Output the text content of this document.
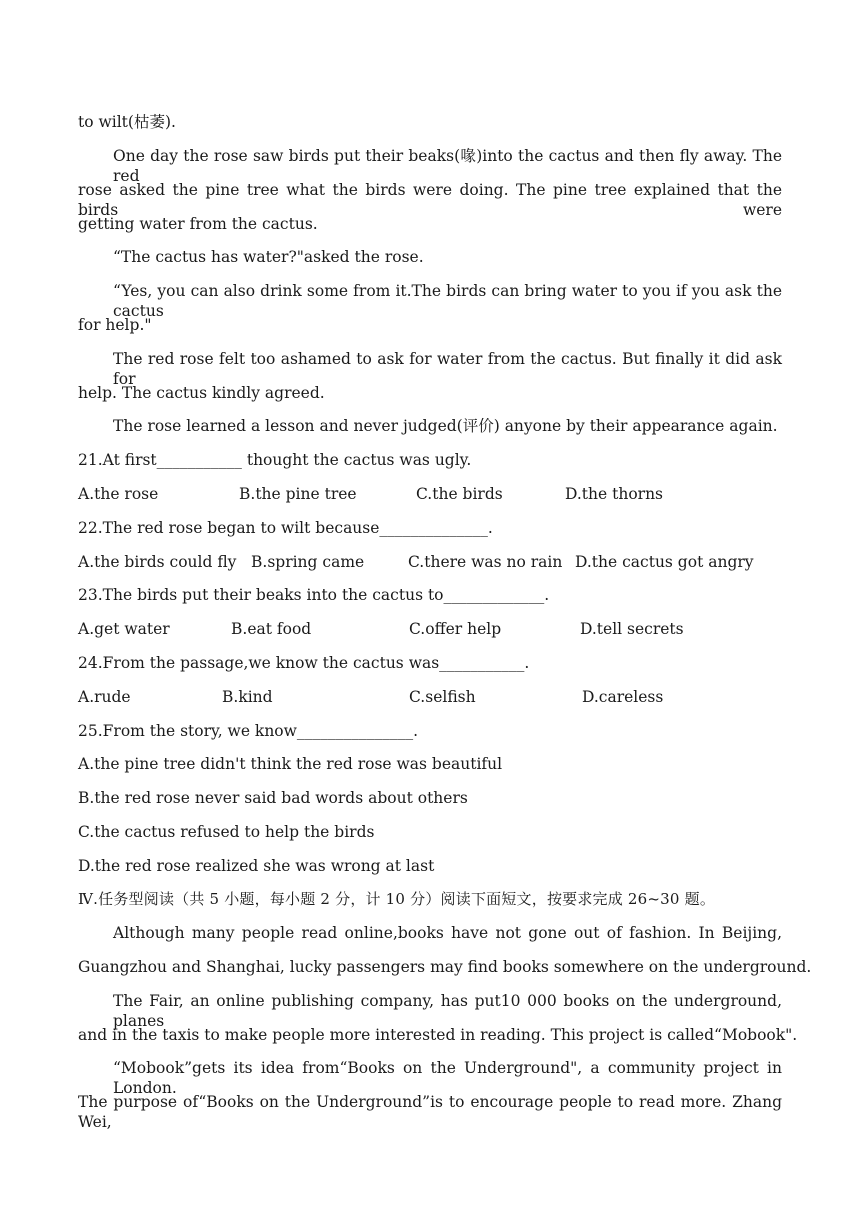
to wilt(枯萎).
One day the rose saw birds put their beaks(喙)into the cactus and then fly away. The red
rose asked the pine tree what the birds were doing. The pine tree explained that the birds were
getting water from the cactus.
“The cactus has water?"asked the rose.
“Yes, you can also drink some from it.The birds can bring water to you if you ask the cactus
for help."
The red rose felt too ashamed to ask for water from the cactus. But finally it did ask for
help. The cactus kindly agreed.
The rose learned a lesson and never judged(评价) anyone by their appearance again.
21.At first___________ thought the cactus was ugly.
A.the rose	B.the pine tree	C.the birds	D.the thorns
22.The red rose began to wilt because______________.
A.the birds could fly B.spring came	C.there was no rain D.the cactus got angry
23.The birds put their beaks into the cactus to_____________.
A.get water	B.eat food	C.offer help	D.tell secrets
24.From the passage,we know the cactus was___________.
A.rude	B.kind	C.selfish	D.careless
25.From the story, we know_______________.
A.the pine tree didn't think the red rose was beautiful
B.the red rose never said bad words about others
C.the cactus refused to help the birds
D.the red rose realized she was wrong at last
Ⅳ.任务型阅读（共 5 小题，每小题 2 分，计 10 分）阅读下面短文，按要求完成 26~30 题。
Although many people read online,books have not gone out of fashion. In Beijing,
Guangzhou and Shanghai, lucky passengers may find books somewhere on the underground.
The Fair, an online publishing company, has put10 000 books on the underground, planes
and in the taxis to make people more interested in reading. This project is called“Mobook".
“Mobook”gets its idea from“Books on the Underground", a community project in London.
The purpose of“Books on the Underground”is to encourage people to read more. Zhang Wei,
